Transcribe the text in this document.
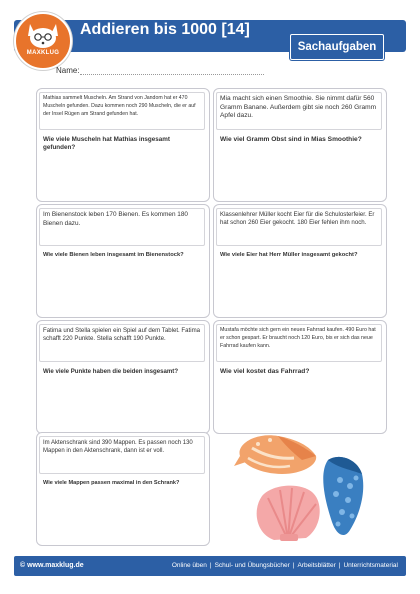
MAXKLUG
Addieren bis 1000 [14]
Sachaufgaben
Name:
Mathias sammelt Muscheln. Am Strand von Jandom hat er 470 Muscheln gefunden. Dazu kommen noch 290 Muscheln, die er auf der Insel Rügen am Strand gefunden hat.
Wie viele Muscheln hat Mathias insgesamt gefunden?
Mia macht sich einen Smoothie. Sie nimmt dafür 560 Gramm Banane. Außerdem gibt sie noch 260 Gramm Apfel dazu.
Wie viel Gramm Obst sind in Mias Smoothie?
Im Bienenstock leben 170 Bienen. Es kommen 180 Bienen dazu.
Wie viele Bienen leben insgesamt im Bienenstock?
Klassenlehrer Müller kocht Eier für die Schulosterfeier. Er hat schon 260 Eier gekocht. 180 Eier fehlen ihm noch.
Wie viele Eier hat Herr Müller insgesamt gekocht?
Fatima und Stella spielen ein Spiel auf dem Tablet. Fatima schafft 220 Punkte. Stella schafft 190 Punkte.
Wie viele Punkte haben die beiden insgesamt?
Mustafa möchte sich gern ein neues Fahrrad kaufen. 490 Euro hat er schon gespart. Er braucht noch 120 Euro, bis er sich das neue Fahrrad kaufen kann.
Wie viel kostet das Fahrrad?
Im Aktenschrank sind 390 Mappen. Es passen noch 130 Mappen in den Aktenschrank, dann ist er voll.
Wie viele Mappen passen maximal in den Schrank?
© www.maxklug.de	Online üben | Schul- und Übungsbücher | Arbeitsblätter | Unterrichtsmaterial
